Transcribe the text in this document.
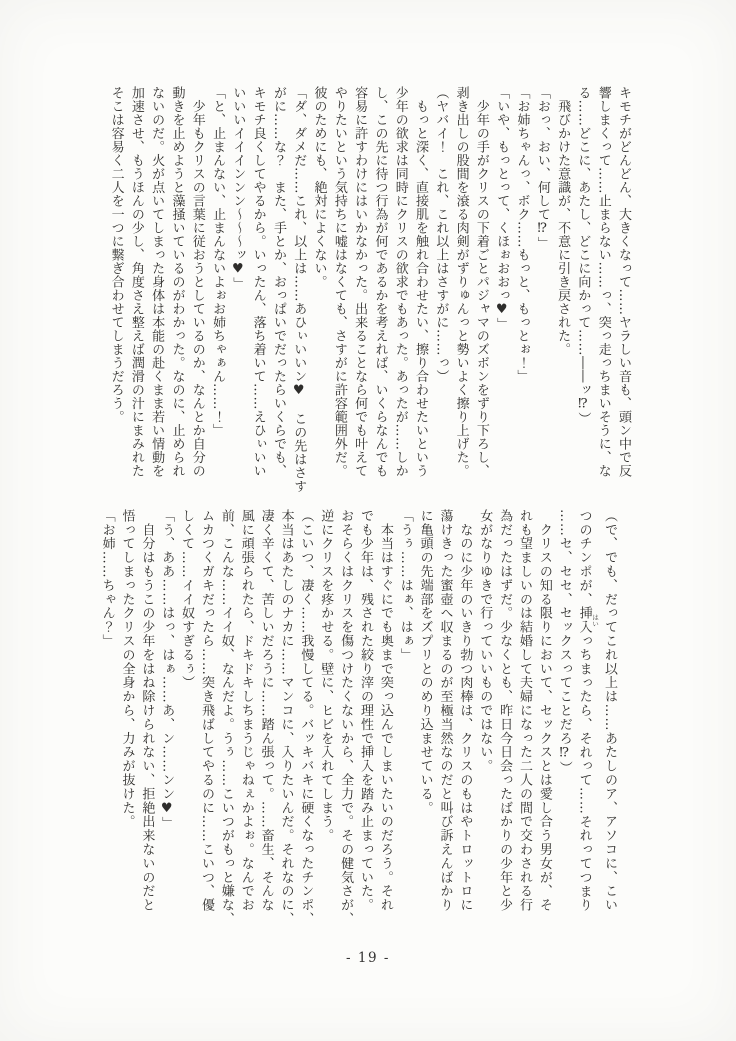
キモチがどんどん、大きくなって……ヤラしい音も、頭ン中で反
響しまくって……止まらない……っ、突っ走っちまいそうに、な
る……どこに、あたし、どこに向かって……――ッ⁉）
　飛びかけた意識が、不意に引き戻された。
「おっ、おい、何して⁉」
「お姉ちゃんっ、ボク……もっと、もっとぉ！」
「いや、もっとって、くほぉおおっ♥」
　少年の手がクリスの下着ごとパジャマのズボンをずり下ろし、
剥き出しの股間を滾る肉剣がずりゅんっと勢いよく擦り上げた。
（ヤバイ！　これ、これ以上はさすがに……っ）
　もっと深く、直接肌を触れ合わせたい、擦り合わせたいという
少年の欲求は同時にクリスの欲求でもあった。あったが……しか
し、この先に待つ行為が何であるかを考えれば、いくらなんでも
容易に許すわけにはいかなかった。出来ることなら何でも叶えて
やりたいという気持ちに嘘はなくても、さすがに許容範囲外だ。
彼のためにも、絶対によくない。
「ダ、ダメだ……これ、以上は……あひぃいいン♥　この先はさす
がに……な？　また、手とか、おっぱいでだったらいくらでも、
キモチ良くしてやるから。いったん、落ち着いて……えひぃいい
いいいイイインンン〜〜〜ッ♥」
「と、止まんない、止まんないよぉお姉ちゃぁん……！」
　少年もクリスの言葉に従おうとしているのか、なんとか自分の
動きを止めようと藻掻いているのがわかった。なのに、止められ
ないのだ。火が点いてしまった身体は本能の赴くまま若い情動を
加速させ、もうほんの少し、角度さえ整えば潤滑の汁にまみれた
そこは容易く二人を一つに繋ぎ合わせてしまうだろう。
（で、でも、だってこれ以上は……あたしのア、アソコに、こい
つのチンポが、挿入 はいっちまったら、それって……それってつまり
……セ、セセ、セックスってことだろ⁉）
　クリスの知る限りにおいて、セックスとは愛し合う男女が、そ
れも望ましいのは結婚して夫婦になった二人の間で交わされる行
為だったはずだ。少なくとも、昨日今日会ったばかりの少年と少
女がなりゆきで行っていいものではない。
　なのに少年のいきり勃つ肉棒は、クリスのもはやトロットロに
蕩けきった蜜壺へ収まるのが至極当然なのだと叫び訴えんばかり
に亀頭の先端部をズプリとのめり込ませている。
「うぅ……はぁ、はぁ」
　本当はすぐにでも奥まで突っ込んでしまいたいのだろう。それ
でも少年は、残された絞り滓の理性で挿入を踏み止まっていた。
おそらくはクリスを傷つけたくないから、全力で。その健気さが、
逆にクリスを疼かせる。壁に、ヒビを入れてしまう。
（こいつ、凄く……我慢してる。バッキバキに硬くなったチンポ、
本当はあたしのナカに……マンコに、入りたいんだ。それなのに、
凄く辛くて、苦しいだろうに……踏ん張って。……畜生、そんな
風に頑張られたら、ドキドキしちまうじゃねぇかよぉ。なんでお
前、こんな……イイ奴、なんだよ。うぅ……こいつがもっと嫌な、
ムカつくガキだったら……突き飛ばしてやるのに……こいつ、優
しくて……イイ奴すぎるぅ）
「う、ああ……はっ、はぁ……あ、ン……ンン♥」
　自分はもうこの少年をはね除けられない、拒絶出来ないのだと
悟ってしまったクリスの全身から、力みが抜けた。
「お姉……ちゃん？」
- 19 -
